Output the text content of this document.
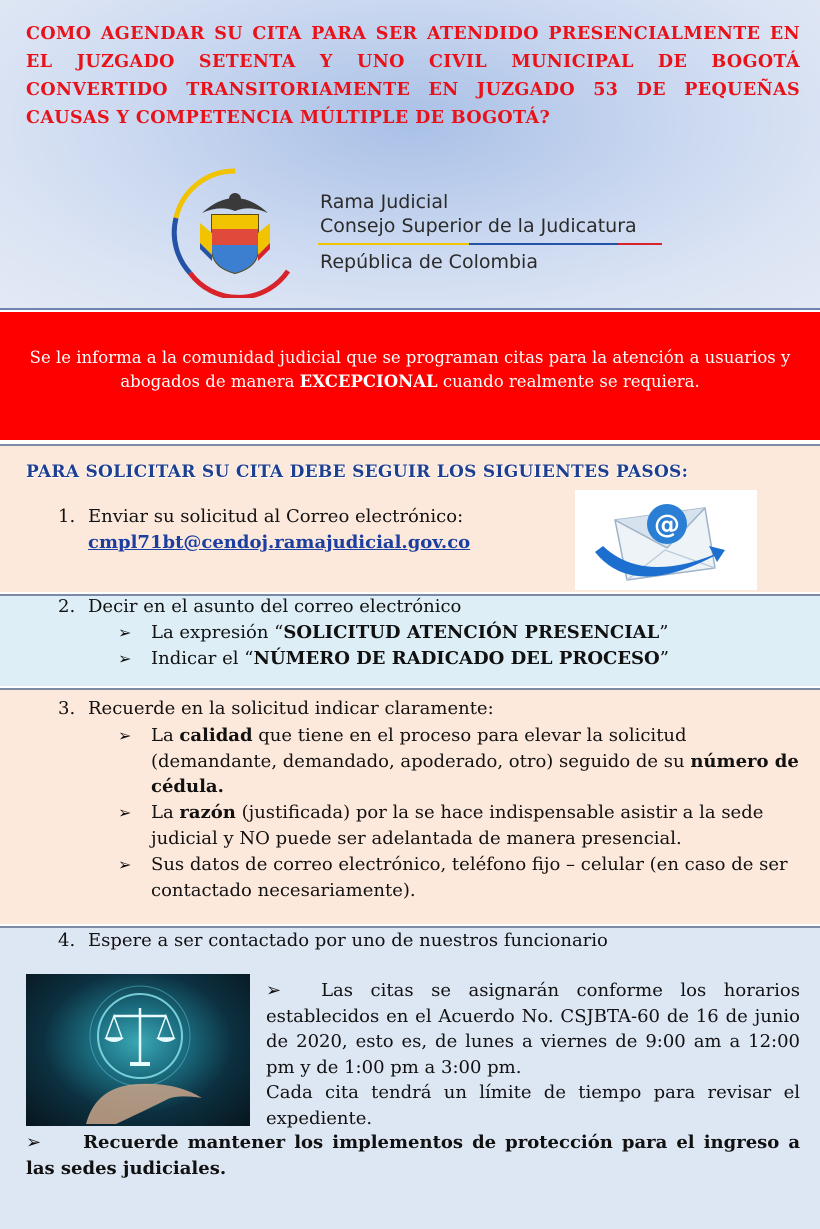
COMO AGENDAR SU CITA PARA SER ATENDIDO PRESENCIALMENTE EN EL JUZGADO SETENTA Y UNO CIVIL MUNICIPAL DE BOGOTÁ CONVERTIDO TRANSITORIAMENTE EN JUZGADO 53 DE PEQUEÑAS CAUSAS Y COMPETENCIA MÚLTIPLE DE BOGOTÁ?
Rama Judicial
Consejo Superior de la Judicatura
República de Colombia
Se le informa a la comunidad judicial que se programan citas para la atención a usuarios y abogados de manera EXCEPCIONAL cuando realmente se requiera.
PARA SOLICITAR SU CITA DEBE SEGUIR LOS SIGUIENTES PASOS:
1. Enviar su solicitud al Correo electrónico:
cmpl71bt@cendoj.ramajudicial.gov.co
@
2. Decir en el asunto del correo electrónico
➢ La expresión “SOLICITUD ATENCIÓN PRESENCIAL”
➢ Indicar el “NÚMERO DE RADICADO DEL PROCESO”
3. Recuerde en la solicitud indicar claramente:
➢ La calidad que tiene en el proceso para elevar la solicitud (demandante, demandado, apoderado, otro) seguido de su número de cédula.
➢ La razón (justificada) por la se hace indispensable asistir a la sede judicial y NO puede ser adelantada de manera presencial.
➢ Sus datos de correo electrónico, teléfono fijo – celular (en caso de ser contactado necesariamente).
4. Espere a ser contactado por uno de nuestros funcionario
➢ Las citas se asignarán conforme los horarios establecidos en el Acuerdo No. CSJBTA-60 de 16 de junio de 2020, esto es, de lunes a viernes de 9:00 am a 12:00 pm y de 1:00 pm a 3:00 pm.
Cada cita tendrá un límite de tiempo para revisar el expediente.
➢ Recuerde mantener los implementos de protección para el ingreso a las sedes judiciales.
